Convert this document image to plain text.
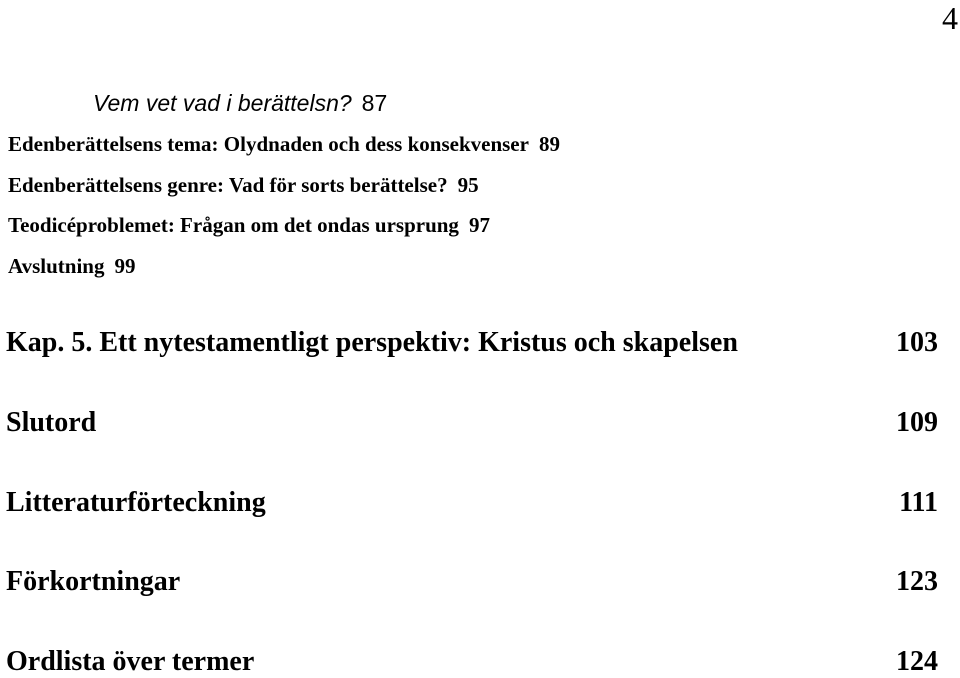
4
Vem vet vad i berättelsn? 87
Edenberättelsens tema: Olydnaden och dess konsekvenser 89
Edenberättelsens genre: Vad för sorts berättelse? 95
Teodicéproblemet: Frågan om det ondas ursprung 97
Avslutning 99
Kap. 5. Ett nytestamentligt perspektiv: Kristus och skapelsen	103
Slutord	109
Litteraturförteckning	111
Förkortningar	123
Ordlista över termer	124
